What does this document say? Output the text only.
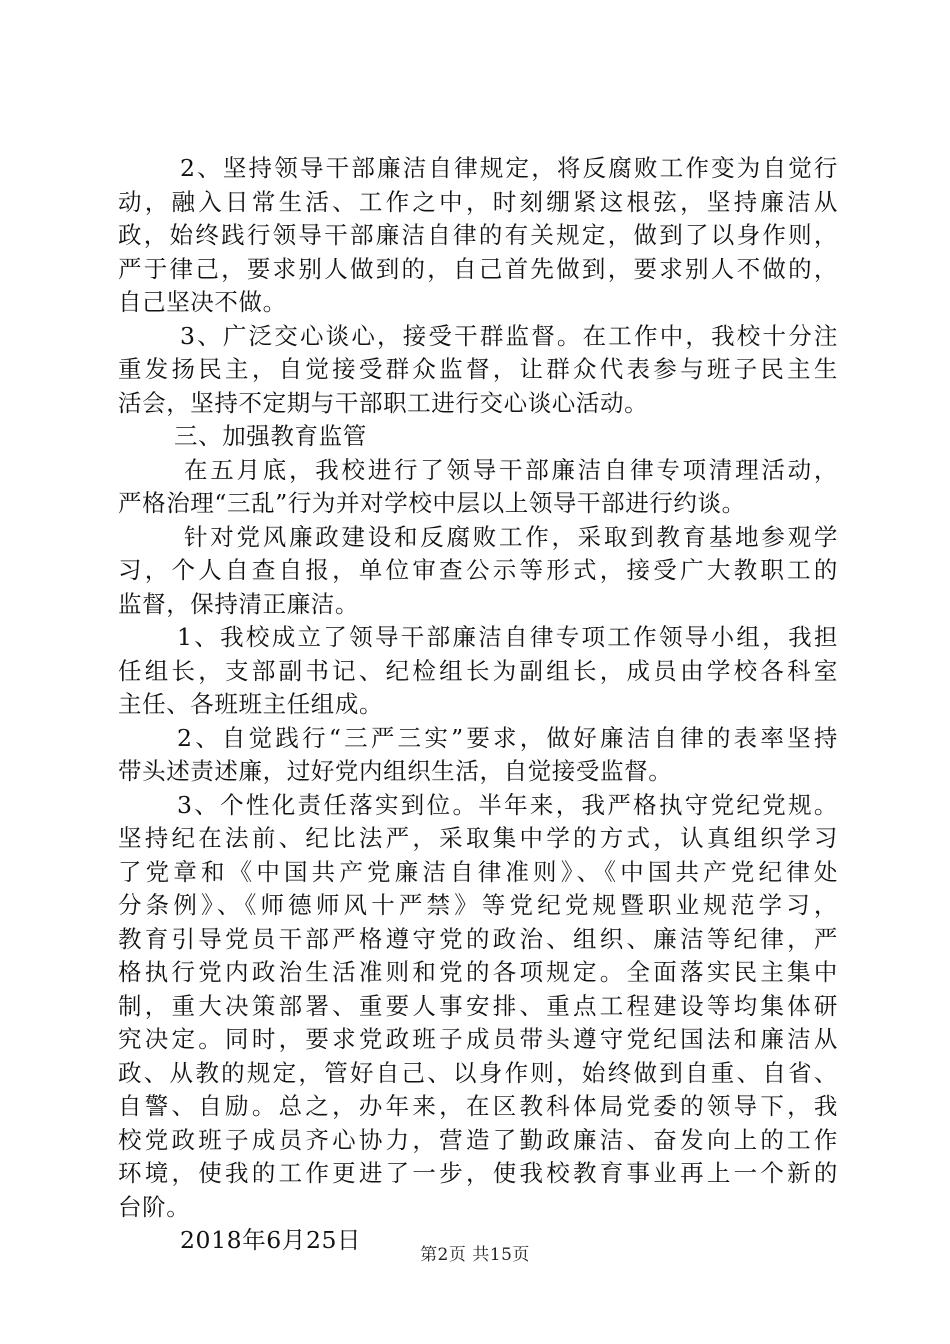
2、坚持领导干部廉洁自律规定，将反腐败工作变为自觉行
动，融入日常生活、工作之中，时刻绷紧这根弦，坚持廉洁从
政，始终践行领导干部廉洁自律的有关规定，做到了以身作则，
严于律己，要求别人做到的，自己首先做到，要求别人不做的，
自己坚决不做。
3、广泛交心谈心，接受干群监督。在工作中，我校十分注
重发扬民主，自觉接受群众监督，让群众代表参与班子民主生
活会，坚持不定期与干部职工进行交心谈心活动。
三、加强教育监管
在五月底，我校进行了领导干部廉洁自律专项清理活动，
严格治理“三乱”行为并对学校中层以上领导干部进行约谈。
针对党风廉政建设和反腐败工作，采取到教育基地参观学
习，个人自查自报，单位审查公示等形式，接受广大教职工的
监督，保持清正廉洁。
1、我校成立了领导干部廉洁自律专项工作领导小组，我担
任组长，支部副书记、纪检组长为副组长，成员由学校各科室
主任、各班班主任组成。
2、自觉践行“三严三实”要求，做好廉洁自律的表率坚持
带头述责述廉，过好党内组织生活，自觉接受监督。
3、个性化责任落实到位。半年来，我严格执守党纪党规。
坚持纪在法前、纪比法严，采取集中学的方式，认真组织学习
了党章和《中国共产党廉洁自律准则》、《中国共产党纪律处
分条例》、《师德师风十严禁》等党纪党规暨职业规范学习，
教育引导党员干部严格遵守党的政治、组织、廉洁等纪律，严
格执行党内政治生活准则和党的各项规定。全面落实民主集中
制，重大决策部署、重要人事安排、重点工程建设等均集体研
究决定。同时，要求党政班子成员带头遵守党纪国法和廉洁从
政、从教的规定，管好自己、以身作则，始终做到自重、自省、
自警、自励。总之，办年来，在区教科体局党委的领导下，我
校党政班子成员齐心协力，营造了勤政廉洁、奋发向上的工作
环境，使我的工作更进了一步，使我校教育事业再上一个新的
台阶。
2018年6月25日
第2页 共15页
